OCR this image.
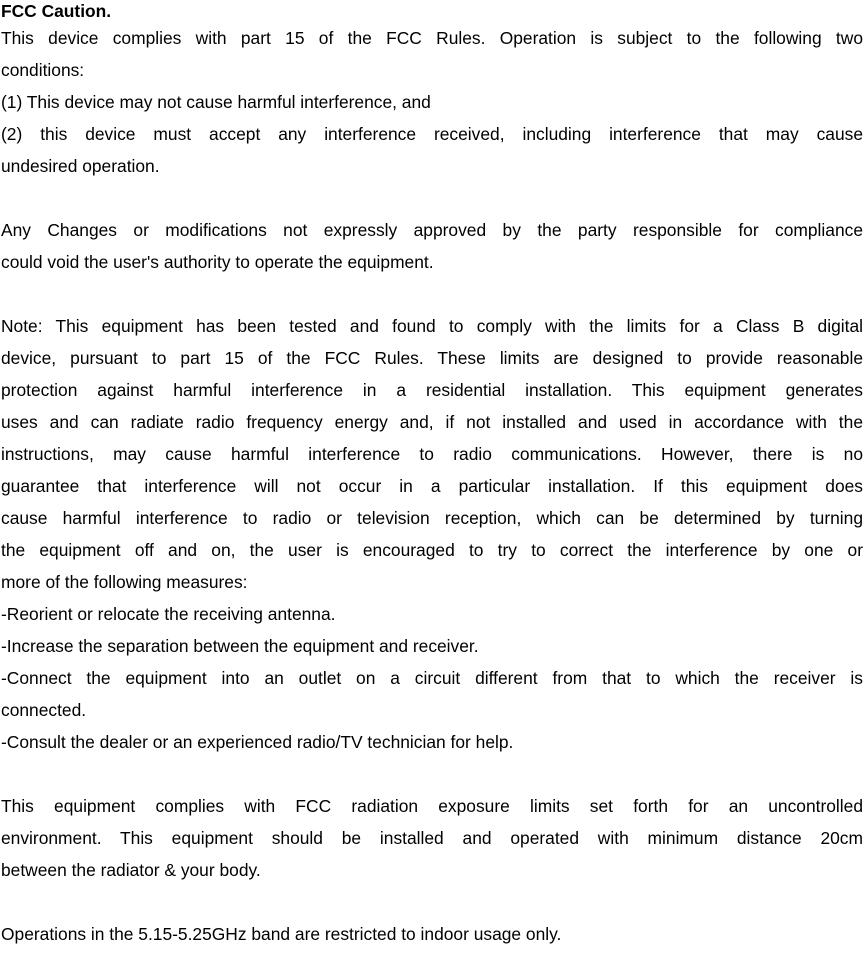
FCC Caution.

This device complies with part 15 of the FCC Rules. Operation is subject to the following two

conditions:

(1) This device may not cause harmful interference, and

(2) this device must accept any interference received, including interference that may cause

undesired operation.

Any Changes or modifications not expressly approved by the party responsible for compliance

could void the user's authority to operate the equipment.

Note: This equipment has been tested and found to comply with the limits for a Class B digital

device, pursuant to part 15 of the FCC Rules. These limits are designed to provide reasonable

protection against harmful interference in a residential installation. This equipment generates

uses and can radiate radio frequency energy and, if not installed and used in accordance with the

instructions, may cause harmful interference to radio communications. However, there is no

guarantee that interference will not occur in a particular installation. If this equipment does

cause harmful interference to radio or television reception, which can be determined by turning

the equipment off and on, the user is encouraged to try to correct the interference by one or

more of the following measures:

-Reorient or relocate the receiving antenna.

-Increase the separation between the equipment and receiver.

-Connect the equipment into an outlet on a circuit different from that to which the receiver is

connected.

-Consult the dealer or an experienced radio/TV technician for help.

This equipment complies with FCC radiation exposure limits set forth for an uncontrolled

environment. This equipment should be installed and operated with minimum distance 20cm

between the radiator & your body.

Operations in the 5.15-5.25GHz band are restricted to indoor usage only.
